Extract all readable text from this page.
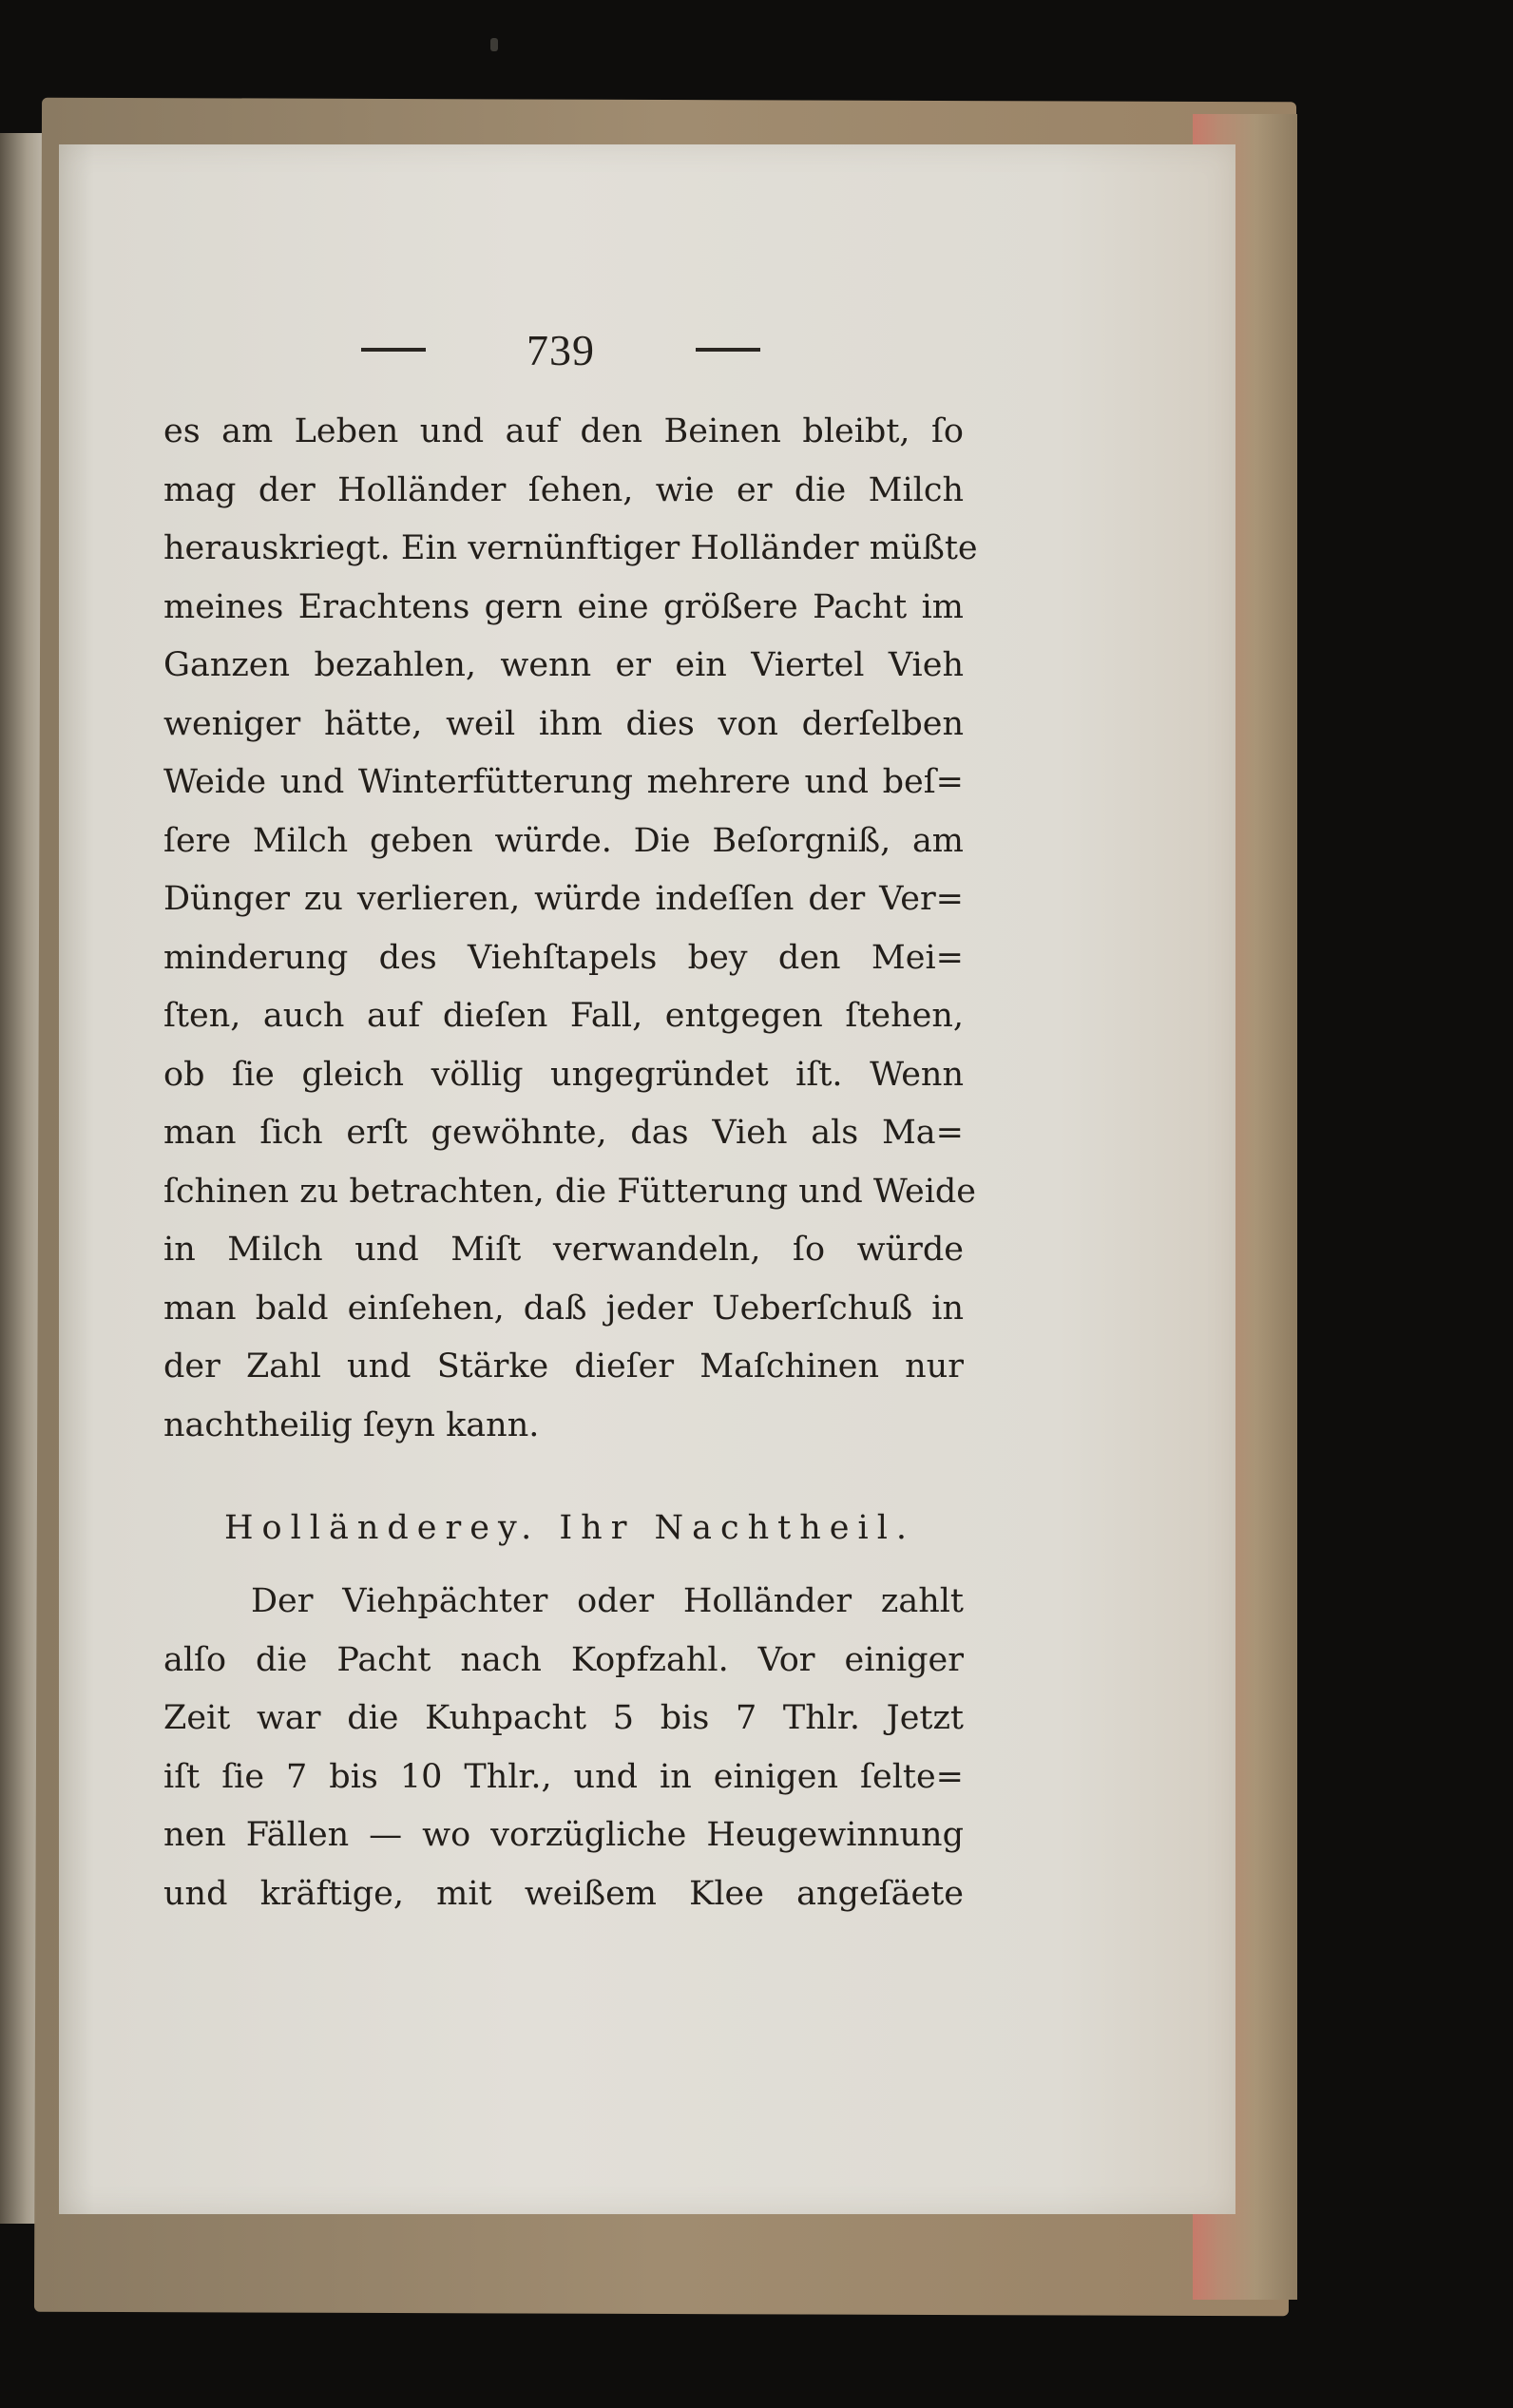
739
es am Leben und auf den Beinen bleibt, ſo
mag der Holländer ſehen, wie er die Milch
herauskriegt. Ein vernünftiger Holländer müßte
meines Erachtens gern eine größere Pacht im
Ganzen bezahlen, wenn er ein Viertel Vieh
weniger hätte, weil ihm dies von derſelben
Weide und Winterfütterung mehrere und beſ=
ſere Milch geben würde. Die Beſorgniß, am
Dünger zu verlieren, würde indeſſen der Ver=
minderung des Viehſtapels bey den Mei=
ſten, auch auf dieſen Fall, entgegen ſtehen,
ob ſie gleich völlig ungegründet iſt. Wenn
man ſich erſt gewöhnte, das Vieh als Ma=
ſchinen zu betrachten, die Fütterung und Weide
in Milch und Miſt verwandeln, ſo würde
man bald einſehen, daß jeder Ueberſchuß in
der Zahl und Stärke dieſer Maſchinen nur
nachtheilig ſeyn kann.
Holländerey. Ihr Nachtheil.
Der Viehpächter oder Holländer zahlt
alſo die Pacht nach Kopfzahl. Vor einiger
Zeit war die Kuhpacht 5 bis 7 Thlr. Jetzt
iſt ſie 7 bis 10 Thlr., und in einigen ſelte=
nen Fällen — wo vorzügliche Heugewinnung
und kräftige, mit weißem Klee angeſäete
